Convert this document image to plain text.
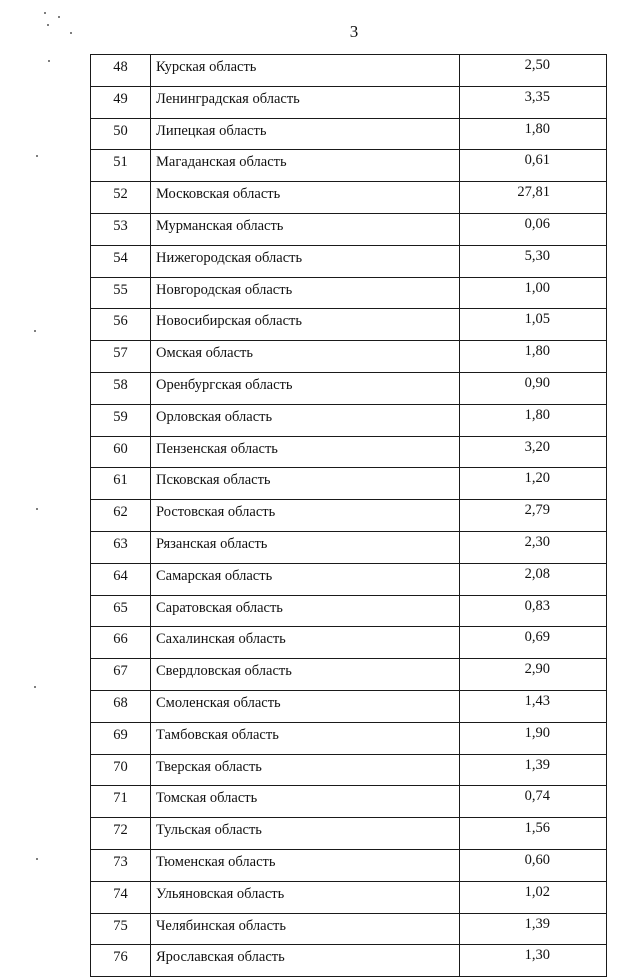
3
48	Курская область	2,50
49	Ленинградская область	3,35
50	Липецкая область	1,80
51	Магаданская область	0,61
52	Московская область	27,81
53	Мурманская область	0,06
54	Нижегородская область	5,30
55	Новгородская область	1,00
56	Новосибирская область	1,05
57	Омская область	1,80
58	Оренбургская область	0,90
59	Орловская область	1,80
60	Пензенская область	3,20
61	Псковская область	1,20
62	Ростовская область	2,79
63	Рязанская область	2,30
64	Самарская область	2,08
65	Саратовская область	0,83
66	Сахалинская область	0,69
67	Свердловская область	2,90
68	Смоленская область	1,43
69	Тамбовская область	1,90
70	Тверская область	1,39
71	Томская область	0,74
72	Тульская область	1,56
73	Тюменская область	0,60
74	Ульяновская область	1,02
75	Челябинская область	1,39
76	Ярославская область	1,30
